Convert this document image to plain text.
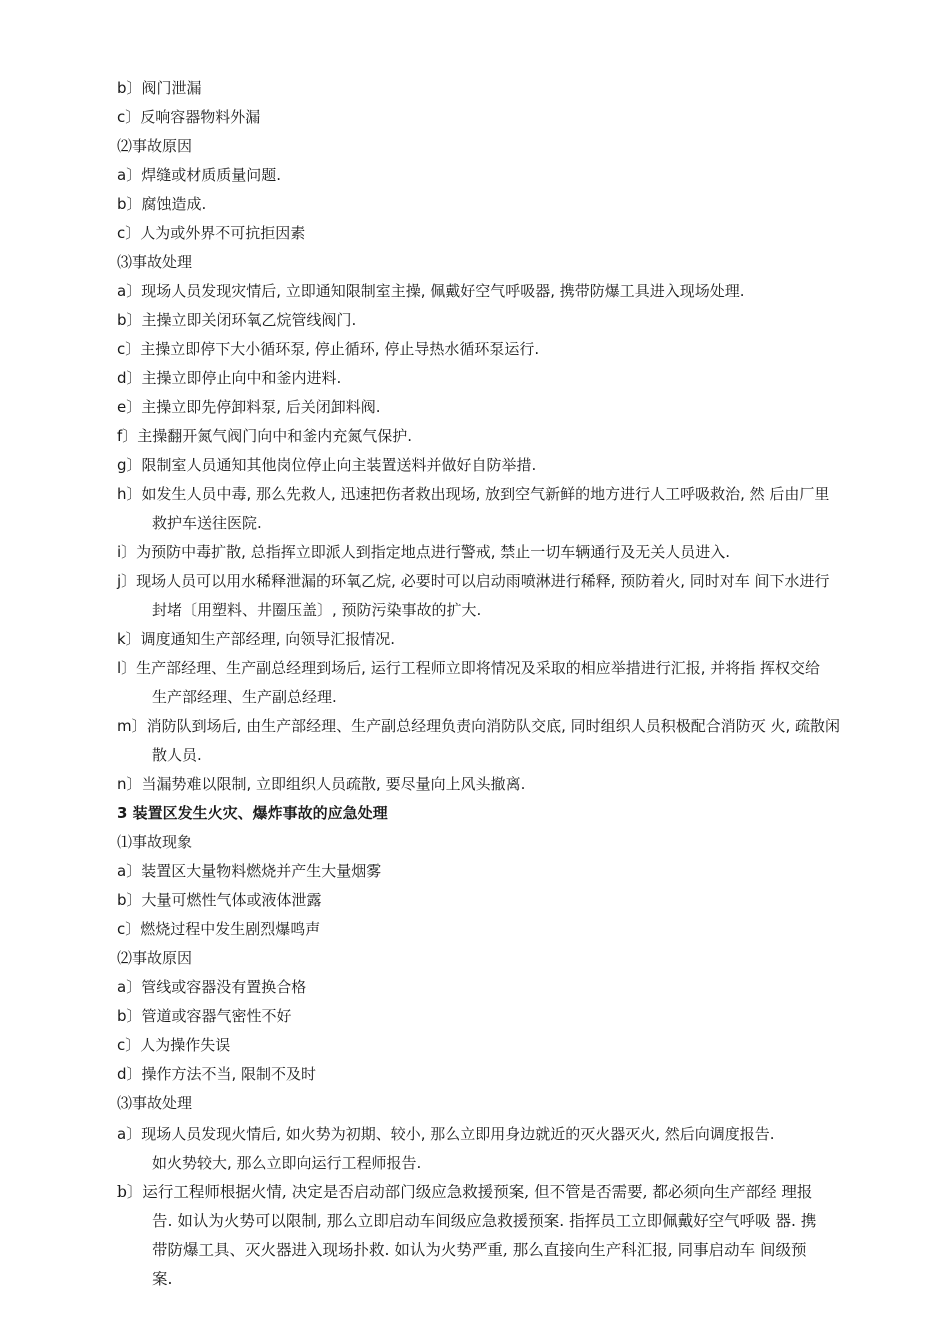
b〕阀门泄漏
c〕反响容器物料外漏
⑵事故原因
a〕焊缝或材质质量问题.
b〕腐蚀造成.
c〕人为或外界不可抗拒因素
⑶事故处理
a〕现场人员发现灾情后, 立即通知限制室主操, 佩戴好空气呼吸器, 携带防爆工具进入现场处理.
b〕主操立即关闭环氧乙烷管线阀门.
c〕主操立即停下大小循环泵, 停止循环, 停止导热水循环泵运行.
d〕主操立即停止向中和釜内进料.
e〕主操立即先停卸料泵, 后关闭卸料阀.
f〕主操翻开氮气阀门向中和釜内充氮气保护.
g〕限制室人员通知其他岗位停止向主装置送料并做好自防举措.
h〕如发生人员中毒, 那么先救人, 迅速把伤者救出现场, 放到空气新鲜的地方进行人工呼吸救治, 然 后由厂里
救护车送往医院.
i〕为预防中毒扩散, 总指挥立即派人到指定地点进行警戒, 禁止一切车辆通行及无关人员进入.
j〕现场人员可以用水稀释泄漏的环氧乙烷, 必要时可以启动雨喷淋进行稀释, 预防着火, 同时对车 间下水进行
封堵〔用塑料、井圈压盖〕, 预防污染事故的扩大.
k〕调度通知生产部经理, 向领导汇报情况.
l〕生产部经理、生产副总经理到场后, 运行工程师立即将情况及采取的相应举措进行汇报, 并将指 挥权交给
生产部经理、生产副总经理.
m〕消防队到场后, 由生产部经理、生产副总经理负责向消防队交底, 同时组织人员积极配合消防灭 火, 疏散闲
散人员.
n〕当漏势难以限制, 立即组织人员疏散, 要尽量向上风头撤离.
3 装置区发生火灾、爆炸事故的应急处理
⑴事故现象
a〕装置区大量物料燃烧并产生大量烟雾
b〕大量可燃性气体或液体泄露
c〕燃烧过程中发生剧烈爆鸣声
⑵事故原因
a〕管线或容器没有置换合格
b〕管道或容器气密性不好
c〕人为操作失误
d〕操作方法不当, 限制不及时
⑶事故处理
a〕现场人员发现火情后, 如火势为初期、较小, 那么立即用身边就近的灭火器灭火, 然后向调度报告.
如火势较大, 那么立即向运行工程师报告.
b〕运行工程师根据火情, 决定是否启动部门级应急救援预案, 但不管是否需要, 都必须向生产部经 理报
告. 如认为火势可以限制, 那么立即启动车间级应急救援预案. 指挥员工立即佩戴好空气呼吸 器. 携
带防爆工具、灭火器进入现场扑救. 如认为火势严重, 那么直接向生产科汇报, 同事启动车 间级预
案.
